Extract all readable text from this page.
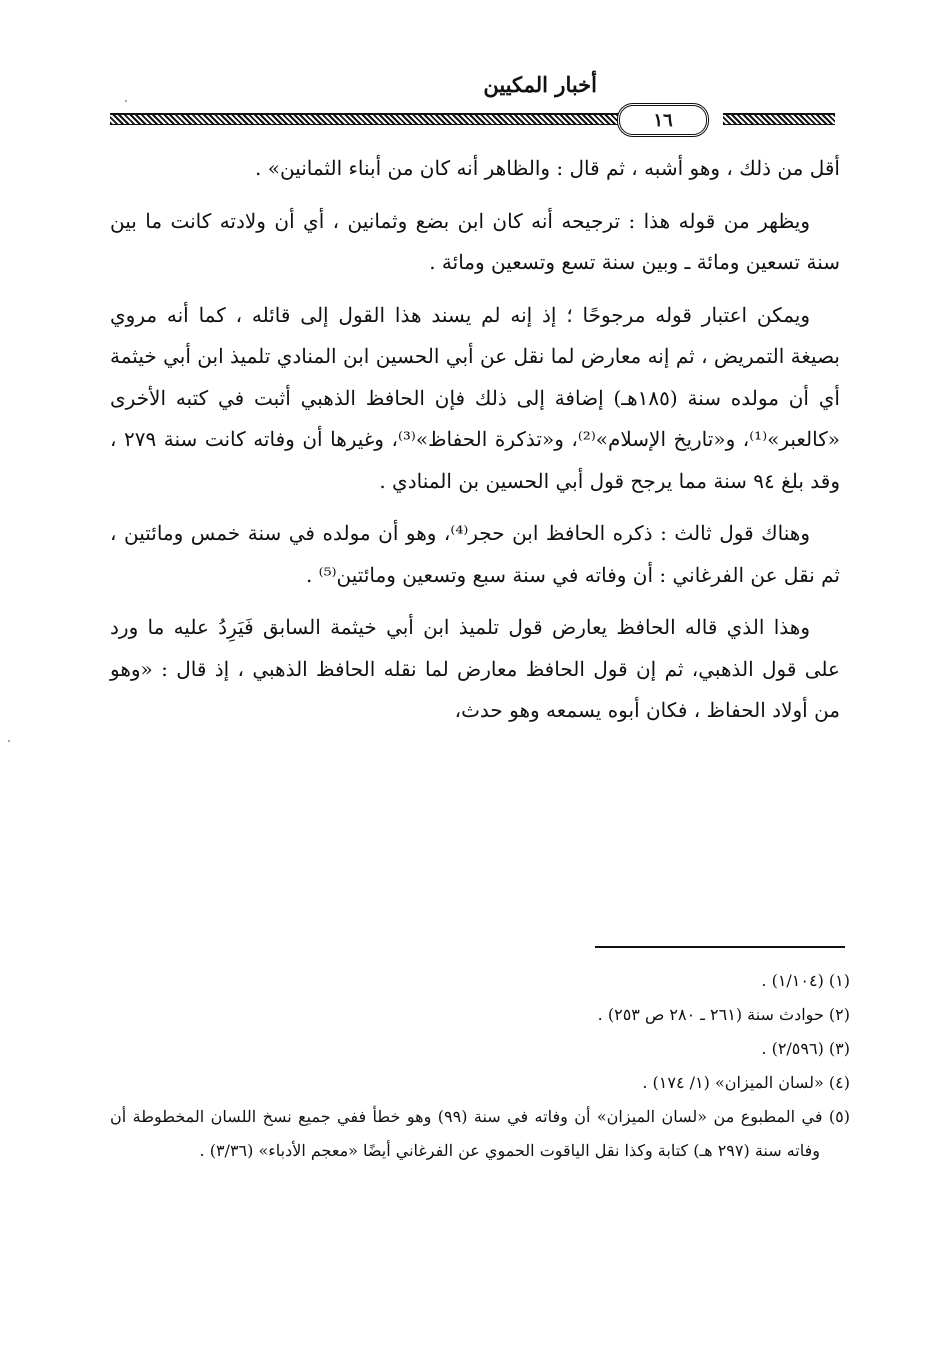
أخبار المكيين
١٦

أقل من ذلك ، وهو أشبه ، ثم قال : والظاهر أنه كان من أبناء الثمانين» .

ويظهر من قوله هذا : ترجيحه أنه كان ابن بضع وثمانين ، أي أن ولادته كانت ما بين سنة تسعين ومائة ـ وبين سنة تسع وتسعين ومائة .

ويمكن اعتبار قوله مرجوحًا ؛ إذ إنه لم يسند هذا القول إلى قائله ، كما أنه مروي بصيغة التمريض ، ثم إنه معارض لما نقل عن أبي الحسين ابن المنادي تلميذ ابن أبي خيثمة أي أن مولده سنة (١٨٥هـ) إضافة إلى ذلك فإن الحافظ الذهبي أثبت في كتبه الأخرى «كالعبر»⁽¹⁾، و«تاريخ الإسلام»⁽²⁾، و«تذكرة الحفاظ»⁽³⁾، وغيرها أن وفاته كانت سنة ٢٧٩ ، وقد بلغ ٩٤ سنة مما يرجح قول أبي الحسين بن المنادي .

وهناك قول ثالث : ذكره الحافظ ابن حجر⁽⁴⁾، وهو أن مولده في سنة خمس ومائتين ، ثم نقل عن الفرغاني : أن وفاته في سنة سبع وتسعين ومائتين⁽⁵⁾ .

وهذا الذي قاله الحافظ يعارض قول تلميذ ابن أبي خيثمة السابق فَيَرِدُ عليه ما ورد على قول الذهبي، ثم إن قول الحافظ معارض لما نقله الحافظ الذهبي ، إذ قال : «وهو من أولاد الحفاظ ، فكان أبوه يسمعه وهو حدث،

(١) (١/١٠٤) .

(٢) حوادث سنة (٢٦١ ـ ٢٨٠ ص ٢٥٣) .

(٣) (٢/٥٩٦) .

(٤) «لسان الميزان» (١/ ١٧٤) .

(٥) في المطبوع من «لسان الميزان» أن وفاته في سنة (٩٩) وهو خطأ ففي جميع نسخ اللسان المخطوطة أن وفاته سنة (٢٩٧ هـ) كتابة وكذا نقل الياقوت الحموي عن الفرغاني أيضًا «معجم الأدباء» (٣/٣٦) .
